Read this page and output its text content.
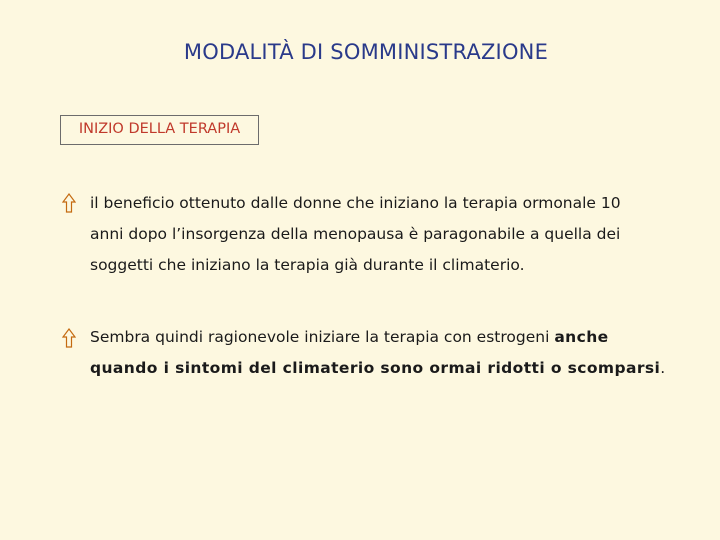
MODALITÀ DI SOMMINISTRAZIONE
INIZIO DELLA TERAPIA
il beneficio ottenuto dalle donne che iniziano la terapia ormonale 10
anni dopo l’insorgenza della menopausa è paragonabile a quella dei
soggetti che iniziano la terapia già durante il climaterio.
Sembra quindi ragionevole iniziare la terapia con estrogeni anche
quando i sintomi del climaterio sono ormai ridotti o scomparsi.
